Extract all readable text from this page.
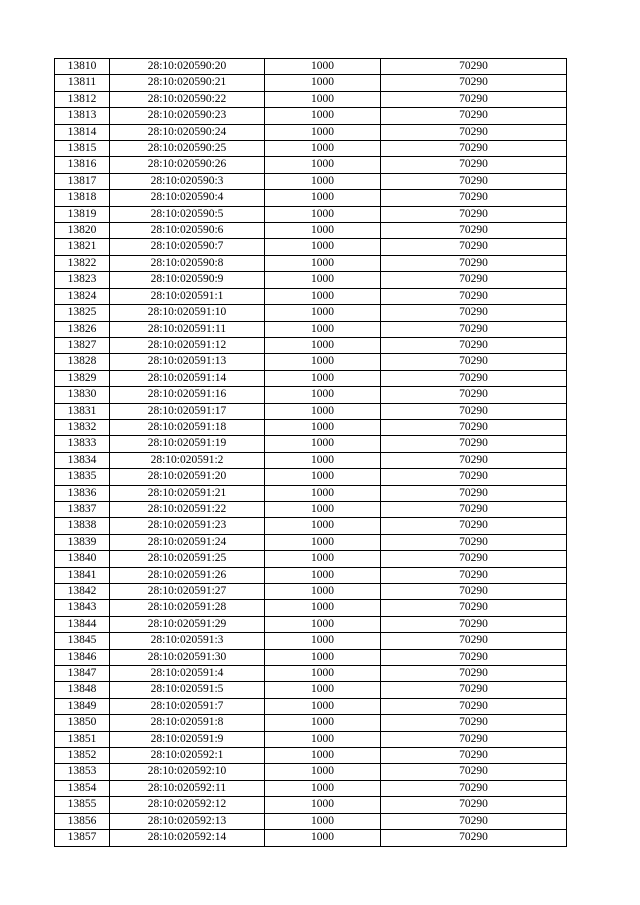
13810	28:10:020590:20	1000	70290
13811	28:10:020590:21	1000	70290
13812	28:10:020590:22	1000	70290
13813	28:10:020590:23	1000	70290
13814	28:10:020590:24	1000	70290
13815	28:10:020590:25	1000	70290
13816	28:10:020590:26	1000	70290
13817	28:10:020590:3	1000	70290
13818	28:10:020590:4	1000	70290
13819	28:10:020590:5	1000	70290
13820	28:10:020590:6	1000	70290
13821	28:10:020590:7	1000	70290
13822	28:10:020590:8	1000	70290
13823	28:10:020590:9	1000	70290
13824	28:10:020591:1	1000	70290
13825	28:10:020591:10	1000	70290
13826	28:10:020591:11	1000	70290
13827	28:10:020591:12	1000	70290
13828	28:10:020591:13	1000	70290
13829	28:10:020591:14	1000	70290
13830	28:10:020591:16	1000	70290
13831	28:10:020591:17	1000	70290
13832	28:10:020591:18	1000	70290
13833	28:10:020591:19	1000	70290
13834	28:10:020591:2	1000	70290
13835	28:10:020591:20	1000	70290
13836	28:10:020591:21	1000	70290
13837	28:10:020591:22	1000	70290
13838	28:10:020591:23	1000	70290
13839	28:10:020591:24	1000	70290
13840	28:10:020591:25	1000	70290
13841	28:10:020591:26	1000	70290
13842	28:10:020591:27	1000	70290
13843	28:10:020591:28	1000	70290
13844	28:10:020591:29	1000	70290
13845	28:10:020591:3	1000	70290
13846	28:10:020591:30	1000	70290
13847	28:10:020591:4	1000	70290
13848	28:10:020591:5	1000	70290
13849	28:10:020591:7	1000	70290
13850	28:10:020591:8	1000	70290
13851	28:10:020591:9	1000	70290
13852	28:10:020592:1	1000	70290
13853	28:10:020592:10	1000	70290
13854	28:10:020592:11	1000	70290
13855	28:10:020592:12	1000	70290
13856	28:10:020592:13	1000	70290
13857	28:10:020592:14	1000	70290
